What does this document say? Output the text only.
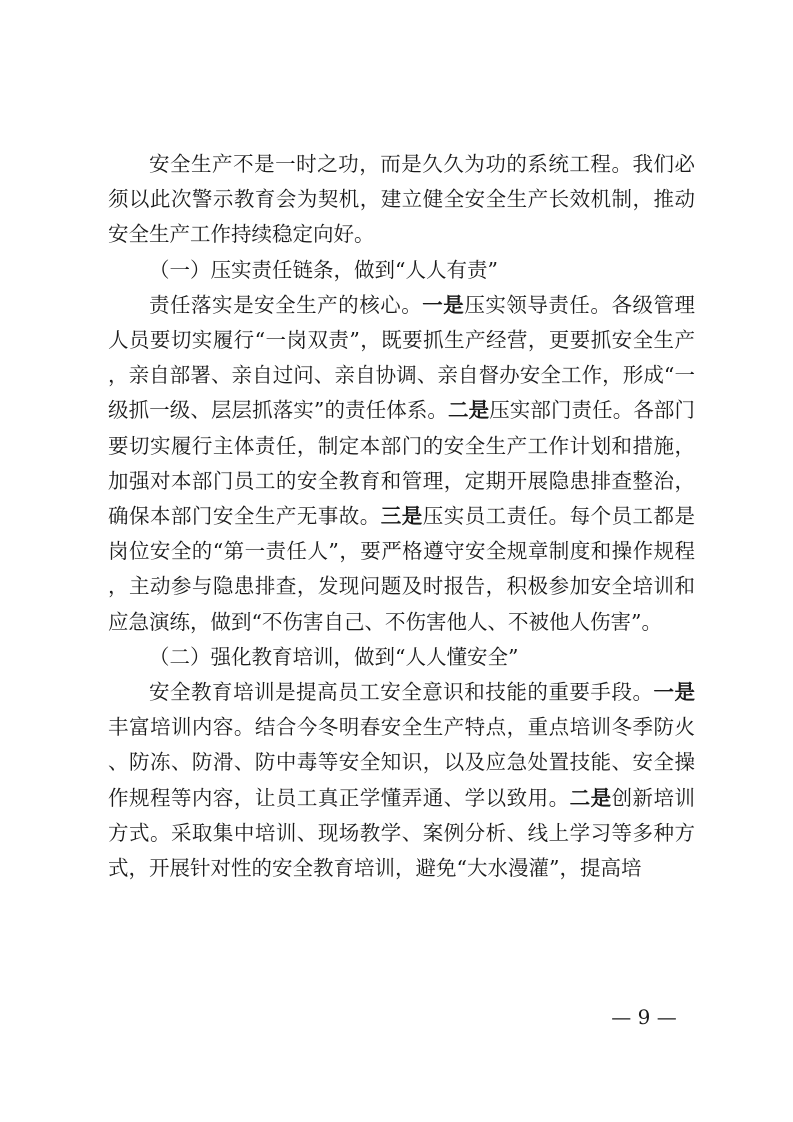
安全生产不是一时之功，而是久久为功的系统工程。我们必须以此次警示教育会为契机，建立健全安全生产长效机制，推动安全生产工作持续稳定向好。

（一）压实责任链条，做到“人人有责”

责任落实是安全生产的核心。一是压实领导责任。各级管理人员要切实履行“一岗双责”，既要抓生产经营，更要抓安全生产，亲自部署、亲自过问、亲自协调、亲自督办安全工作，形成“一级抓一级、层层抓落实”的责任体系。二是压实部门责任。各部门要切实履行主体责任，制定本部门的安全生产工作计划和措施，加强对本部门员工的安全教育和管理，定期开展隐患排查整治，确保本部门安全生产无事故。三是压实员工责任。每个员工都是岗位安全的“第一责任人”，要严格遵守安全规章制度和操作规程，主动参与隐患排查，发现问题及时报告，积极参加安全培训和应急演练，做到“不伤害自己、不伤害他人、不被他人伤害”。

（二）强化教育培训，做到“人人懂安全”

安全教育培训是提高员工安全意识和技能的重要手段。一是丰富培训内容。结合今冬明春安全生产特点，重点培训冬季防火、防冻、防滑、防中毒等安全知识，以及应急处置技能、安全操作规程等内容，让员工真正学懂弄通、学以致用。二是创新培训方式。采取集中培训、现场教学、案例分析、线上学习等多种方式，开展针对性的安全教育培训，避免“大水漫灌”，提高培

— 9 —
